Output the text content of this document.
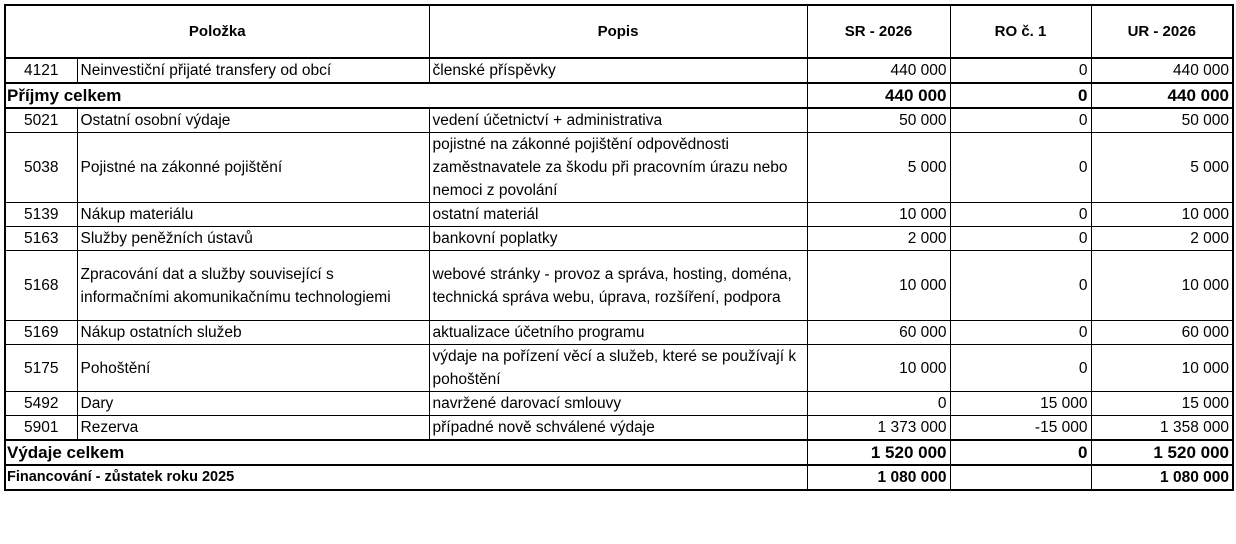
Položka		Popis	SR - 2026	RO č. 1	UR - 2026
4121	Neinvestiční přijaté transfery od obcí	členské příspěvky	440 000	0	440 000
Příjmy celkem			440 000	0	440 000
5021	Ostatní osobní výdaje	vedení účetnictví + administrativa	50 000	0	50 000
5038	Pojistné na zákonné pojištění	pojistné na zákonné pojištění odpovědnosti zaměstnavatele za škodu při pracovním úrazu nebo nemoci z povolání	5 000	0	5 000
5139	Nákup materiálu	ostatní materiál	10 000	0	10 000
5163	Služby peněžních ústavů	bankovní poplatky	2 000	0	2 000
5168	Zpracování dat a služby související s informačními akomunikačnímu technologiemi	webové stránky - provoz a správa, hosting, doména, technická správa webu, úprava, rozšíření, podpora	10 000	0	10 000
5169	Nákup ostatních služeb	aktualizace účetního programu	60 000	0	60 000
5175	Pohoštění	výdaje na pořízení věcí a služeb, které se používají k pohoštění	10 000	0	10 000
5492	Dary	navržené darovací smlouvy	0	15 000	15 000
5901	Rezerva	případné nově schválené výdaje	1 373 000	-15 000	1 358 000
Výdaje celkem			1 520 000	0	1 520 000
Financování - zůstatek roku 2025			1 080 000		1 080 000
